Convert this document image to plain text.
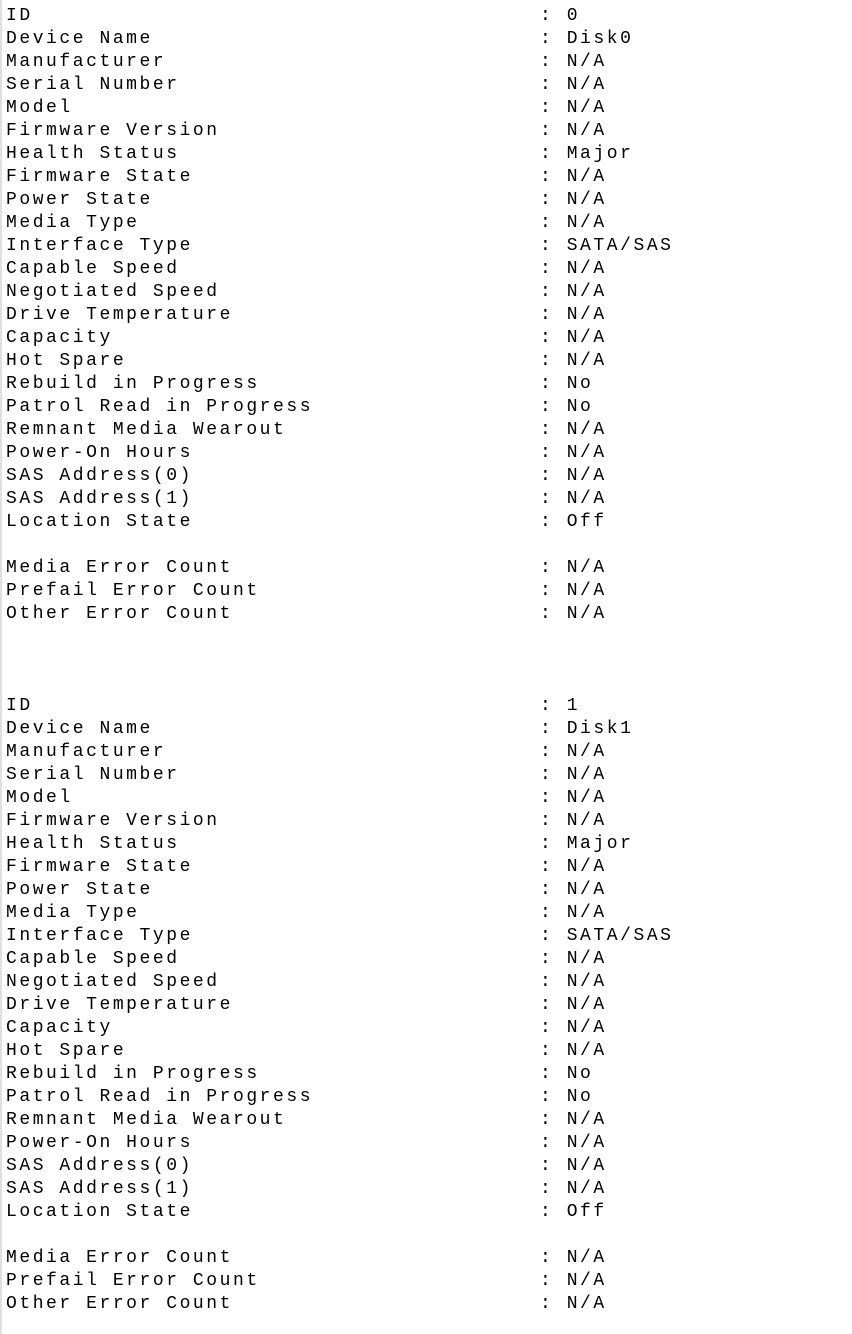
ID	: 0
Device Name	: Disk0
Manufacturer	: N/A
Serial Number	: N/A
Model	: N/A
Firmware Version	: N/A
Health Status	: Major
Firmware State	: N/A
Power State	: N/A
Media Type	: N/A
Interface Type	: SATA/SAS
Capable Speed	: N/A
Negotiated Speed	: N/A
Drive Temperature	: N/A
Capacity	: N/A
Hot Spare	: N/A
Rebuild in Progress	: No
Patrol Read in Progress	: No
Remnant Media Wearout	: N/A
Power-On Hours	: N/A
SAS Address(0)	: N/A
SAS Address(1)	: N/A
Location State	: Off
Media Error Count	: N/A
Prefail Error Count	: N/A
Other Error Count	: N/A
ID	: 1
Device Name	: Disk1
Manufacturer	: N/A
Serial Number	: N/A
Model	: N/A
Firmware Version	: N/A
Health Status	: Major
Firmware State	: N/A
Power State	: N/A
Media Type	: N/A
Interface Type	: SATA/SAS
Capable Speed	: N/A
Negotiated Speed	: N/A
Drive Temperature	: N/A
Capacity	: N/A
Hot Spare	: N/A
Rebuild in Progress	: No
Patrol Read in Progress	: No
Remnant Media Wearout	: N/A
Power-On Hours	: N/A
SAS Address(0)	: N/A
SAS Address(1)	: N/A
Location State	: Off
Media Error Count	: N/A
Prefail Error Count	: N/A
Other Error Count	: N/A
